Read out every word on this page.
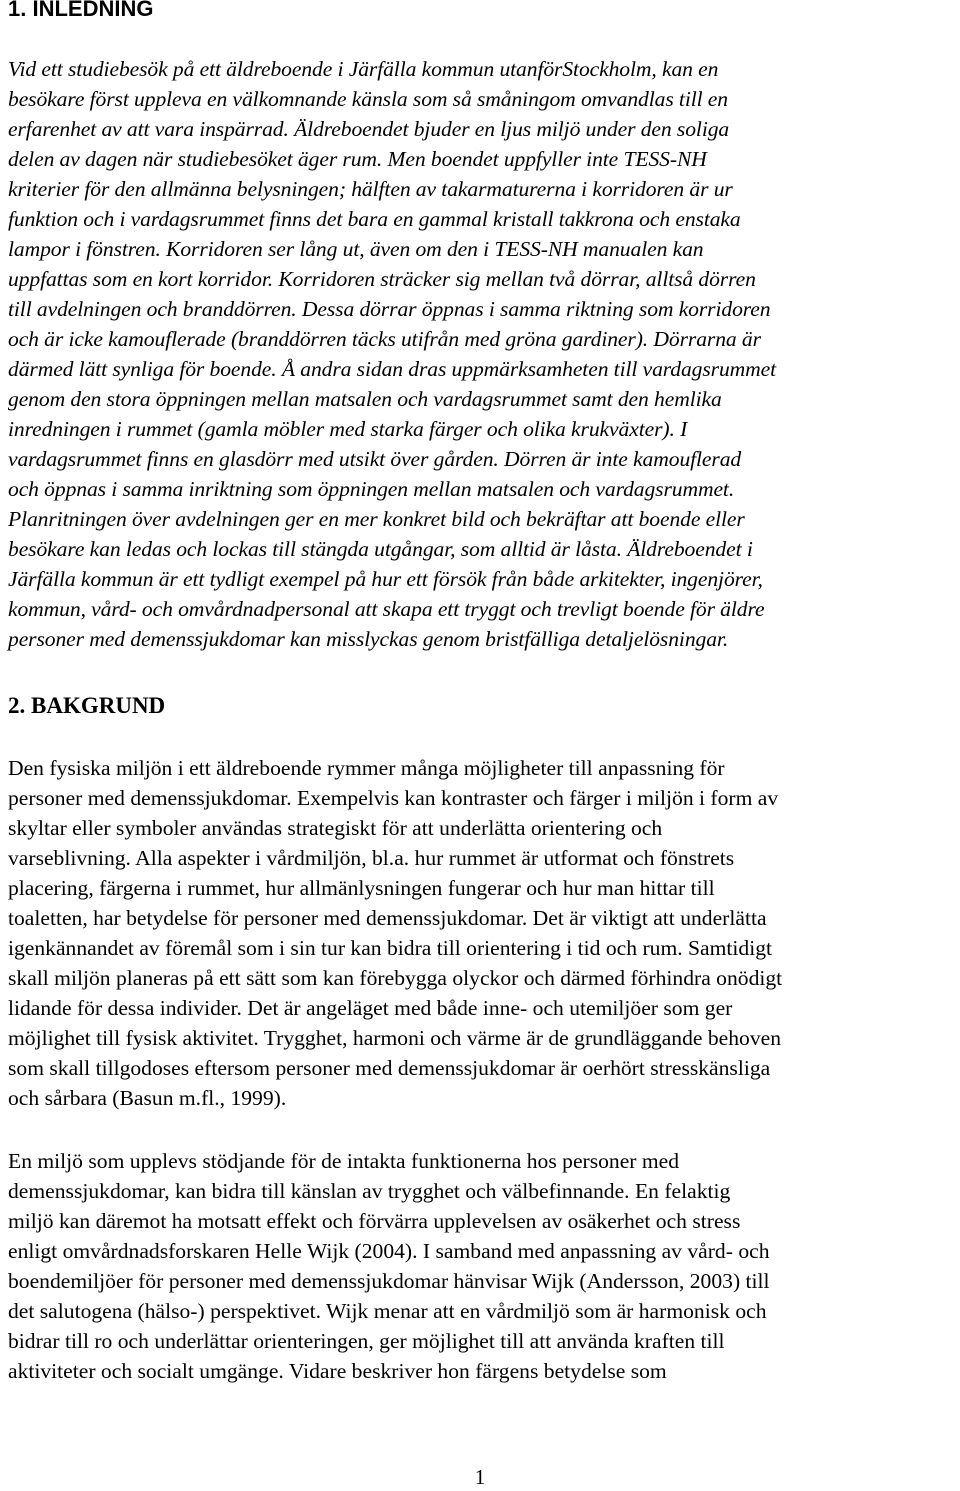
1. INLEDNING

Vid ett studiebesök på ett äldreboende i Järfälla kommun utanförStockholm, kan en
besökare först uppleva en välkomnande känsla som så småningom omvandlas till en
erfarenhet av att vara inspärrad. Äldreboendet bjuder en ljus miljö under den soliga
delen av dagen när studiebesöket äger rum. Men boendet uppfyller inte TESS-NH
kriterier för den allmänna belysningen; hälften av takarmaturerna i korridoren är ur
funktion och i vardagsrummet finns det bara en gammal kristall takkrona och enstaka
lampor i fönstren. Korridoren ser lång ut, även om den i TESS-NH manualen kan
uppfattas som en kort korridor. Korridoren sträcker sig mellan två dörrar, alltså dörren
till avdelningen och branddörren. Dessa dörrar öppnas i samma riktning som korridoren
och är icke kamouflerade (branddörren täcks utifrån med gröna gardiner). Dörrarna är
därmed lätt synliga för boende. Å andra sidan dras uppmärksamheten till vardagsrummet
genom den stora öppningen mellan matsalen och vardagsrummet samt den hemlika
inredningen i rummet (gamla möbler med starka färger och olika krukväxter). I
vardagsrummet finns en glasdörr med utsikt över gården. Dörren är inte kamouflerad
och öppnas i samma inriktning som öppningen mellan matsalen och vardagsrummet.
Planritningen över avdelningen ger en mer konkret bild och bekräftar att boende eller
besökare kan ledas och lockas till stängda utgångar, som alltid är låsta. Äldreboendet i
Järfälla kommun är ett tydligt exempel på hur ett försök från både arkitekter, ingenjörer,
kommun, vård- och omvårdnadpersonal att skapa ett tryggt och trevligt boende för äldre
personer med demenssjukdomar kan misslyckas genom bristfälliga detaljelösningar.

2. BAKGRUND

Den fysiska miljön i ett äldreboende rymmer många möjligheter till anpassning för
personer med demenssjukdomar. Exempelvis kan kontraster och färger i miljön i form av
skyltar eller symboler användas strategiskt för att underlätta orientering och
varseblivning. Alla aspekter i vårdmiljön, bl.a. hur rummet är utformat och fönstrets
placering, färgerna i rummet, hur allmänlysningen fungerar och hur man hittar till
toaletten, har betydelse för personer med demenssjukdomar. Det är viktigt att underlätta
igenkännandet av föremål som i sin tur kan bidra till orientering i tid och rum. Samtidigt
skall miljön planeras på ett sätt som kan förebygga olyckor och därmed förhindra onödigt
lidande för dessa individer. Det är angeläget med både inne- och utemiljöer som ger
möjlighet till fysisk aktivitet. Trygghet, harmoni och värme är de grundläggande behoven
som skall tillgodoses eftersom personer med demenssjukdomar är oerhört stresskänsliga
och sårbara (Basun m.fl., 1999).

En miljö som upplevs stödjande för de intakta funktionerna hos personer med
demenssjukdomar, kan bidra till känslan av trygghet och välbefinnande. En felaktig
miljö kan däremot ha motsatt effekt och förvärra upplevelsen av osäkerhet och stress
enligt omvårdnadsforskaren Helle Wijk (2004). I samband med anpassning av vård- och
boendemiljöer för personer med demenssjukdomar hänvisar Wijk (Andersson, 2003) till
det salutogena (hälso-) perspektivet. Wijk menar att en vårdmiljö som är harmonisk och
bidrar till ro och underlättar orienteringen, ger möjlighet till att använda kraften till
aktiviteter och socialt umgänge. Vidare beskriver hon färgens betydelse som

1
